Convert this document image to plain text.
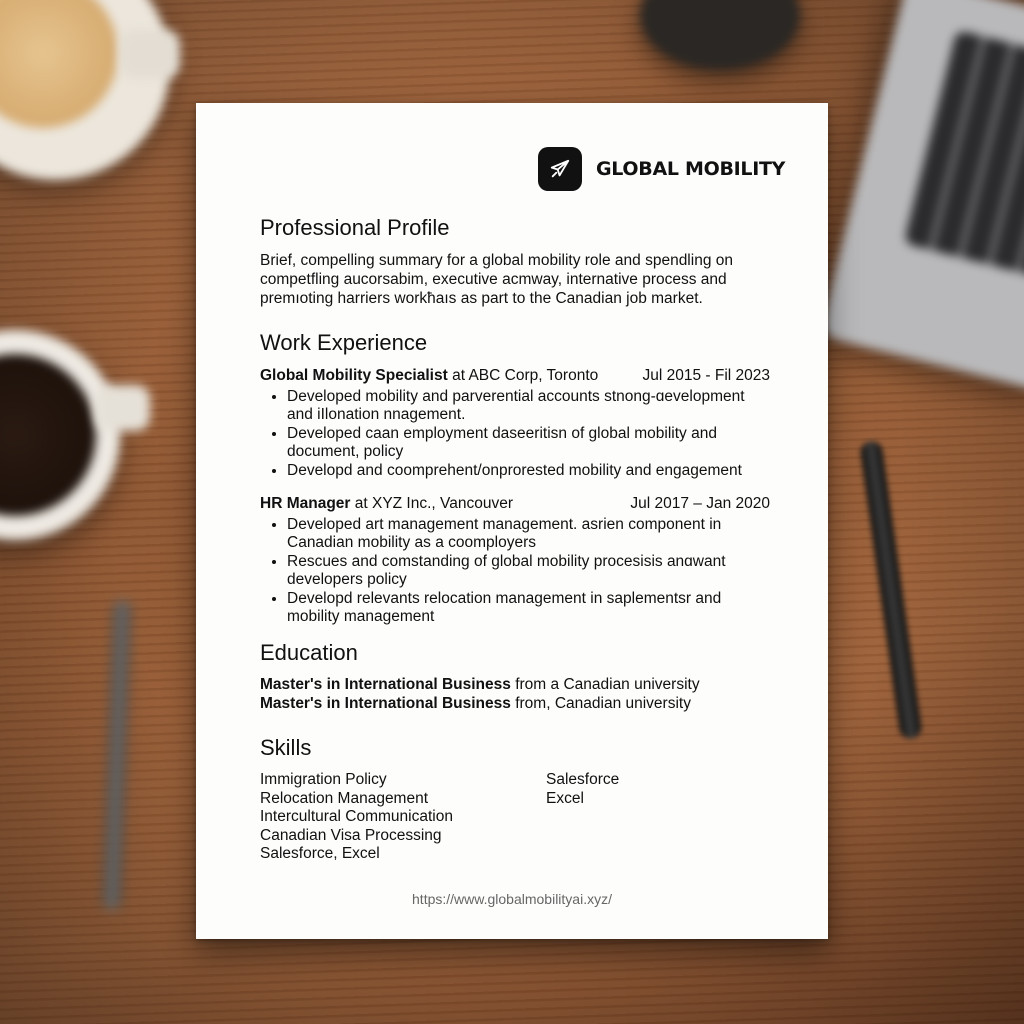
GLOBAL MOBILITY
Professional Profile

Brief, compelling summary for a global mobility role and spendling on

competfling aucorsabim, executive acmway, internative process and

premıoting harriers workħaıs as part to the Canadian job market.

Work Experience
Global Mobility Specialist at ABC Corp, Toronto	Jul 2015 - Fil 2023
• Developed mobility and parverential accounts stnong-ɑevelopment and iIlonation nnagement.
• Developed caan employment daseeritisn of global mobility and document, policy
• Developd and coomprehent/onprorested mobility and engagement
HR Manager at XYZ Inc., Vancouver	Jul 2017 – Jan 2020
• Developed art management management. asrien component in Canadian mobility as a coomployers
• Rescues and comstanding of global mobility procesisis anɑwant developers policy
• Developd relevants relocation management in saplementsr and mobility management
Education
Master's in International Business from a Canadian university
Master's in International Business from, Canadian university
Skills
Immigration Policy
Relocation Management
Intercultural Communication
Canadian Visa Processing
Salesforce, Excel
Salesforce
Excel
https://www.globalmobilityai.xyz/
